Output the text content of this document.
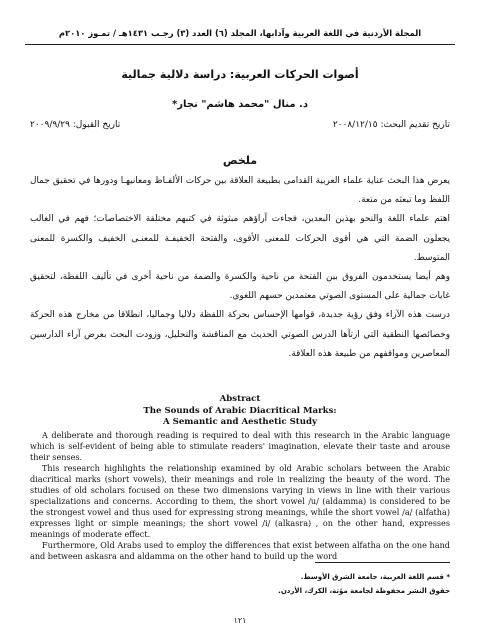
المجلة الأردنية في اللغة العربية وآدابها، المجلد (٦) العدد (٣) رجـب ١٤٣١هـ / تمـوز ٢٠١٠م
أصوات الحركات العربية: دراسة دلالية جمالية
د. منال "محمد هاشم" نجار*
تاريخ تقديم البحث: ٢٠٠٨/١٢/١٥
تاريخ القبول: ٢٠٠٩/٩/٢٩
ملخص

يعرض هذا البحث عناية علماء العربية القدامى بطبيعة العلاقة بين حركات الألفـاظ ومعانيهـا ودورها في تحقيق جمال اللفظ وما تبعثه من متعة.

اهتم علماء اللغة والنحو بهذين البعدين، فجاءت آراؤهم مبثوثة في كتبهم مختلفة الاختصاصات؛ فهم في الغالب يجعلون الضمة التي هي أقوى الحركات للمعنى الأقوى، والفتحة الخفيفـة للمعنـى الخفيف والكسرة للمعنى المتوسط.

وهم أيضا يستخدمون الفروق بين الفتحة من ناحية والكسرة والضمة من ناحية أخرى في تأليف اللفظة، لتحقيق غايات جمالية على المستوى الصوتي معتمدين حسهم اللغوي.

درست هذه الآراء وفق رؤية جديدة، قوامها الإحساس بحركة اللفظة دلاليا وجماليا، انطلاقا من مخارج هذه الحركة وخصائصها النطقية التي ارتآها الدرس الصوتي الحديث مع المناقشة والتحليل، وزودت البحث بعرض آراء الدارسين المعاصرين ومواقفهم من طبيعة هذه العلاقة.

Abstract
The Sounds of Arabic Diacritical Marks:
A Semantic and Aesthetic Study

A deliberate and thorough reading is required to deal with this research in the Arabic language which is self-evident of being able to stimulate readers' imagination, elevate their taste and arouse their senses.

This research highlights the relationship examined by old Arabic scholars between the Arabic diacritical marks (short vowels), their meanings and role in realizing the beauty of the word. The studies of old scholars focused on these two dimensions varying in views in line with their various specializations and concerns. According to them, the short vowel /u/ (aldamma) is considered to be the strongest vowel and thus used for expressing strong meanings, while the short vowel /a/ (alfatha) expresses light or simple meanings; the short vowel /i/ (alkasra) , on the other hand, expresses meanings of moderate effect.

Furthermore, Old Arabs used to employ the differences that exist between alfatha on the one hand and between askasra and aldamma on the other hand to build up the word

* قسم اللغة العربية، جامعة الشرق الأوسط.
حقوق النشر محفوظة لجامعة مؤتة، الكرك، الأردن.
١٢١
